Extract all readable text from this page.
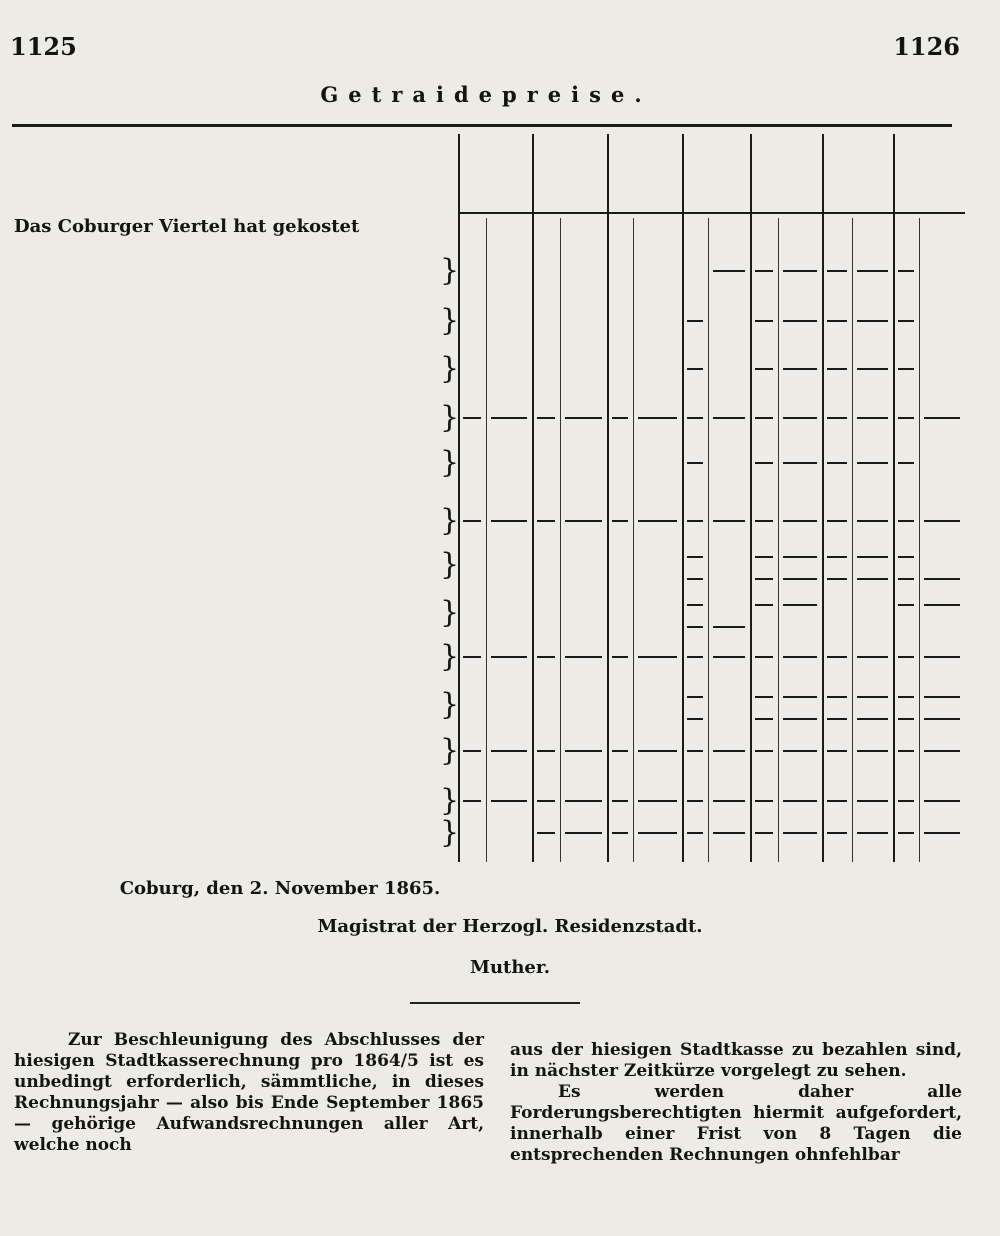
1125	1126
Getraidepreise.
Das Coburger Viertel hat gekostet
}
}
}
}
}
}
}
}
}
}
}
}
}
Coburg, den 2. November 1865.
Magistrat der Herzogl. Residenzstadt.
Muther.
Zur Beschleunigung des Abschlusses der hiesigen Stadtkasserechnung pro 1864/5 ist es unbedingt erforderlich, sämmtliche, in dieses Rechnungsjahr — also bis Ende September 1865 — gehörige Aufwandsrechnungen aller Art, welche noch
aus der hiesigen Stadtkasse zu bezahlen sind, in nächster Zeitkürze vorgelegt zu sehen.
Es werden daher alle Forderungsberechtigten hiermit aufgefordert, innerhalb einer Frist von 8 Tagen die entsprechenden Rechnungen ohnfehlbar
